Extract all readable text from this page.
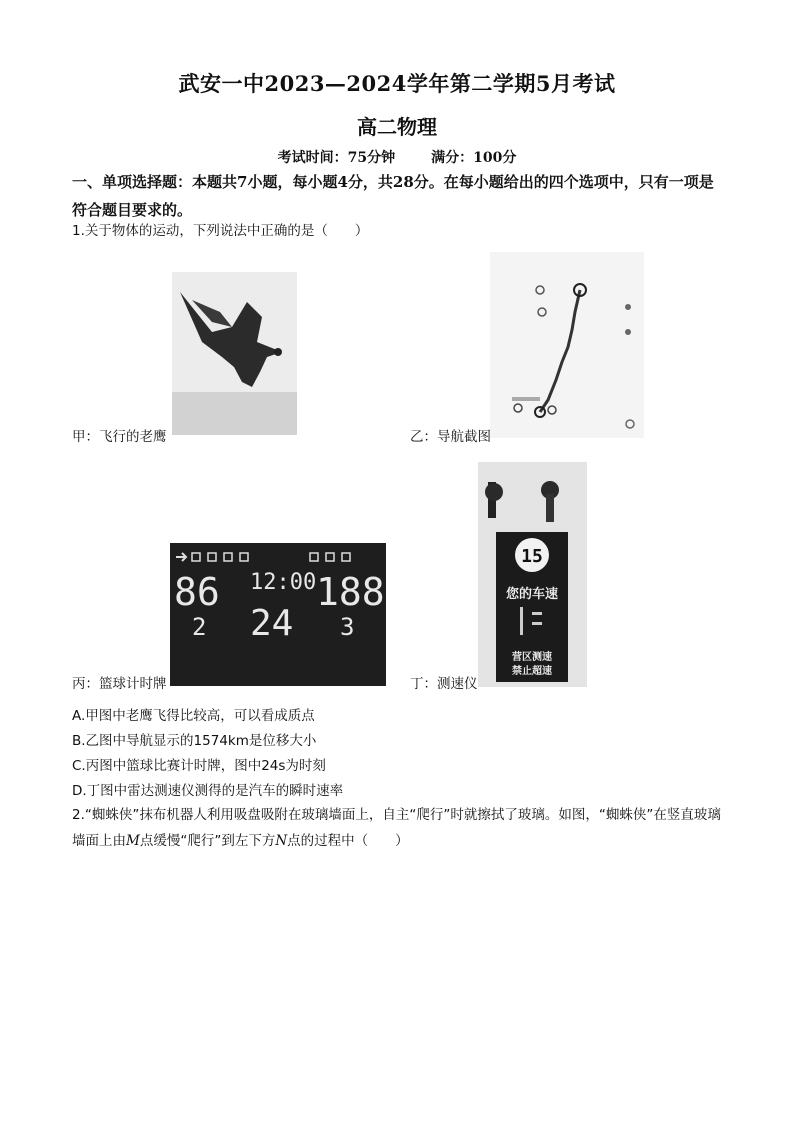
武安一中2023—2024学年第二学期5月考试
高二物理
考试时间：75分钟	满分：100分
一、单项选择题：本题共7小题，每小题4分，共28分。在每小题给出的四个选项中，只有一项是符合题目要求的。
1.关于物体的运动，下列说法中正确的是（　　）
甲：飞行的老鹰	乙：导航截图
86 12:00 188
24
2	3
丙：篮球计时牌
15
您的车速
营区测速
禁止超速
丁：测速仪
A.甲图中老鹰飞得比较高，可以看成质点
B.乙图中导航显示的1574km是位移大小
C.丙图中篮球比赛计时牌，图中24s为时刻
D.丁图中雷达测速仪测得的是汽车的瞬时速率
2.“蜘蛛侠”抹布机器人利用吸盘吸附在玻璃墙面上，自主“爬行”时就擦拭了玻璃。如图，“蜘蛛侠”在竖直玻璃墙面上由M点缓慢“爬行”到左下方N点的过程中（　　）
